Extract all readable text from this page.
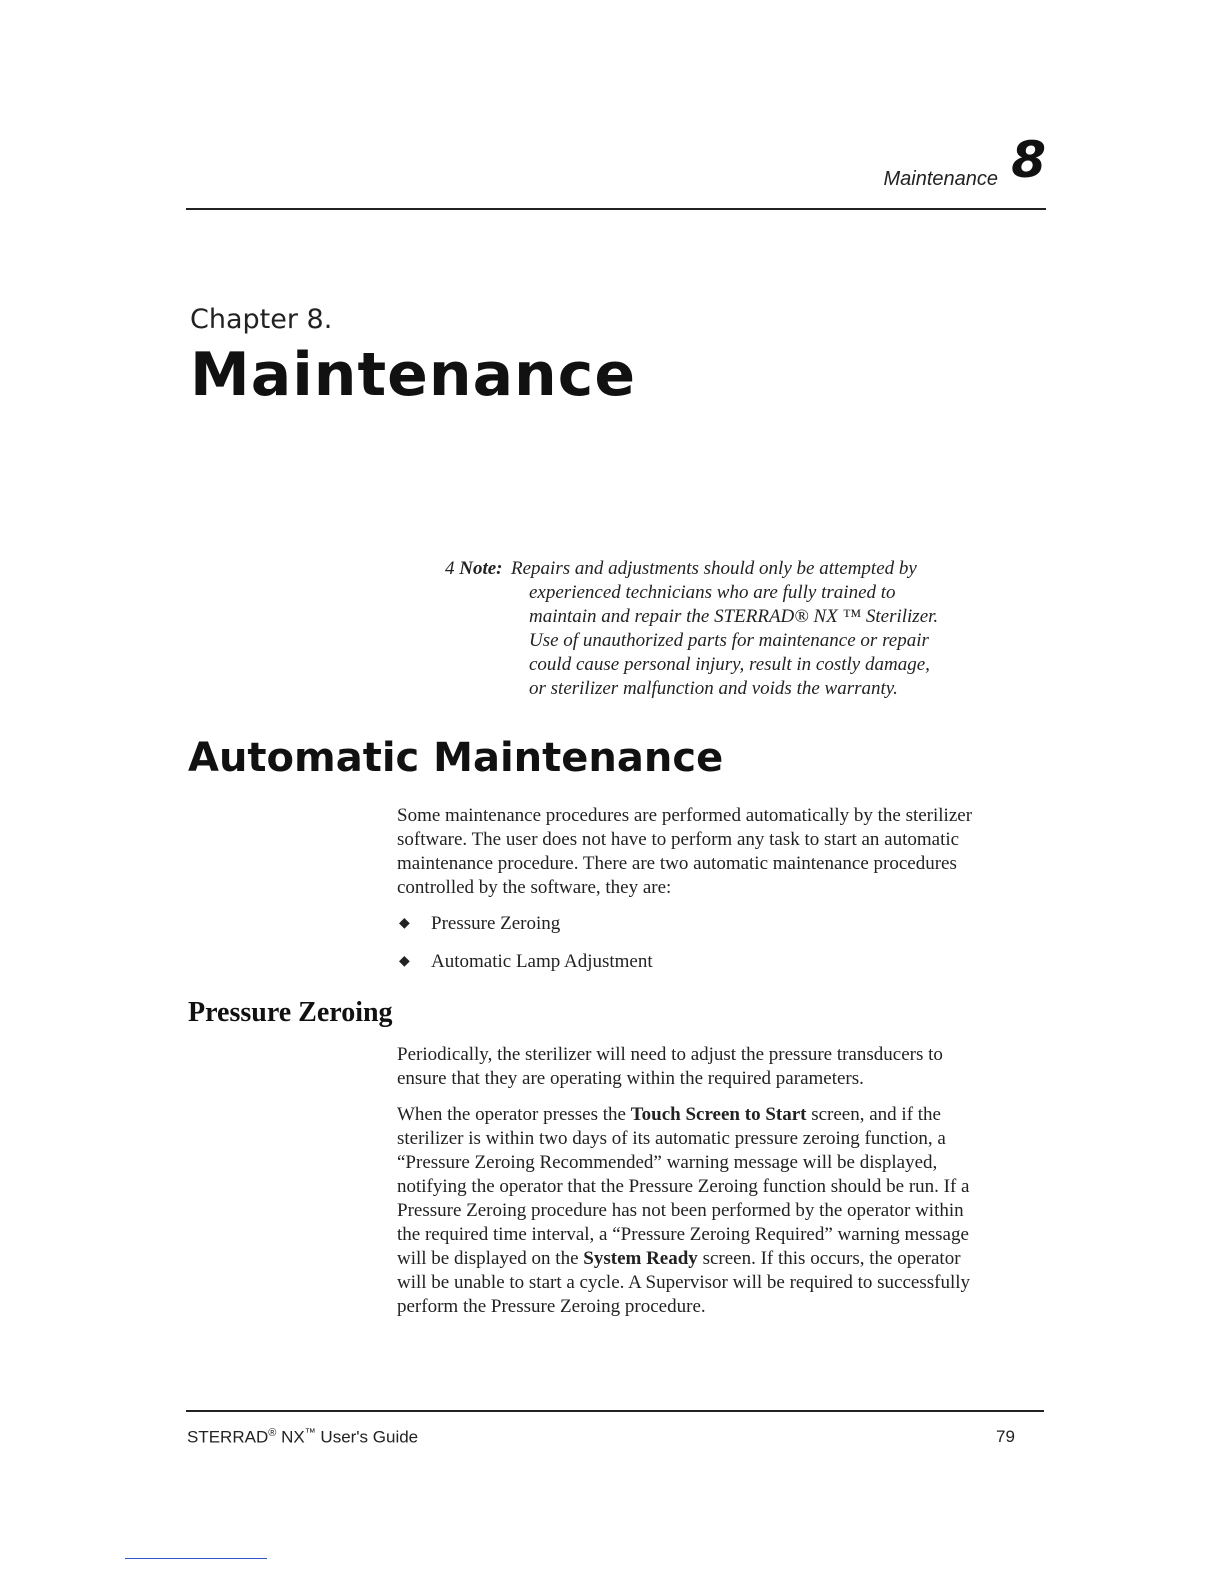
Maintenance 8
Chapter 8.
Maintenance
4 Note: Repairs and adjustments should only be attempted by
experienced technicians who are fully trained to
maintain and repair the STERRAD® NX ™ Sterilizer.
Use of unauthorized parts for maintenance or repair
could cause personal injury, result in costly damage,
or sterilizer malfunction and voids the warranty.
Automatic Maintenance
Some maintenance procedures are performed automatically by the sterilizer
software. The user does not have to perform any task to start an automatic
maintenance procedure. There are two automatic maintenance procedures
controlled by the software, they are:
◆ Pressure Zeroing
◆ Automatic Lamp Adjustment
Pressure Zeroing
Periodically, the sterilizer will need to adjust the pressure transducers to
ensure that they are operating within the required parameters.
When the operator presses the Touch Screen to Start screen, and if the
sterilizer is within two days of its automatic pressure zeroing function, a
“Pressure Zeroing Recommended” warning message will be displayed,
notifying the operator that the Pressure Zeroing function should be run. If a
Pressure Zeroing procedure has not been performed by the operator within
the required time interval, a “Pressure Zeroing Required” warning message
will be displayed on the System Ready screen. If this occurs, the operator
will be unable to start a cycle. A Supervisor will be required to successfully
perform the Pressure Zeroing procedure.
STERRAD® NX™ User's Guide	79
